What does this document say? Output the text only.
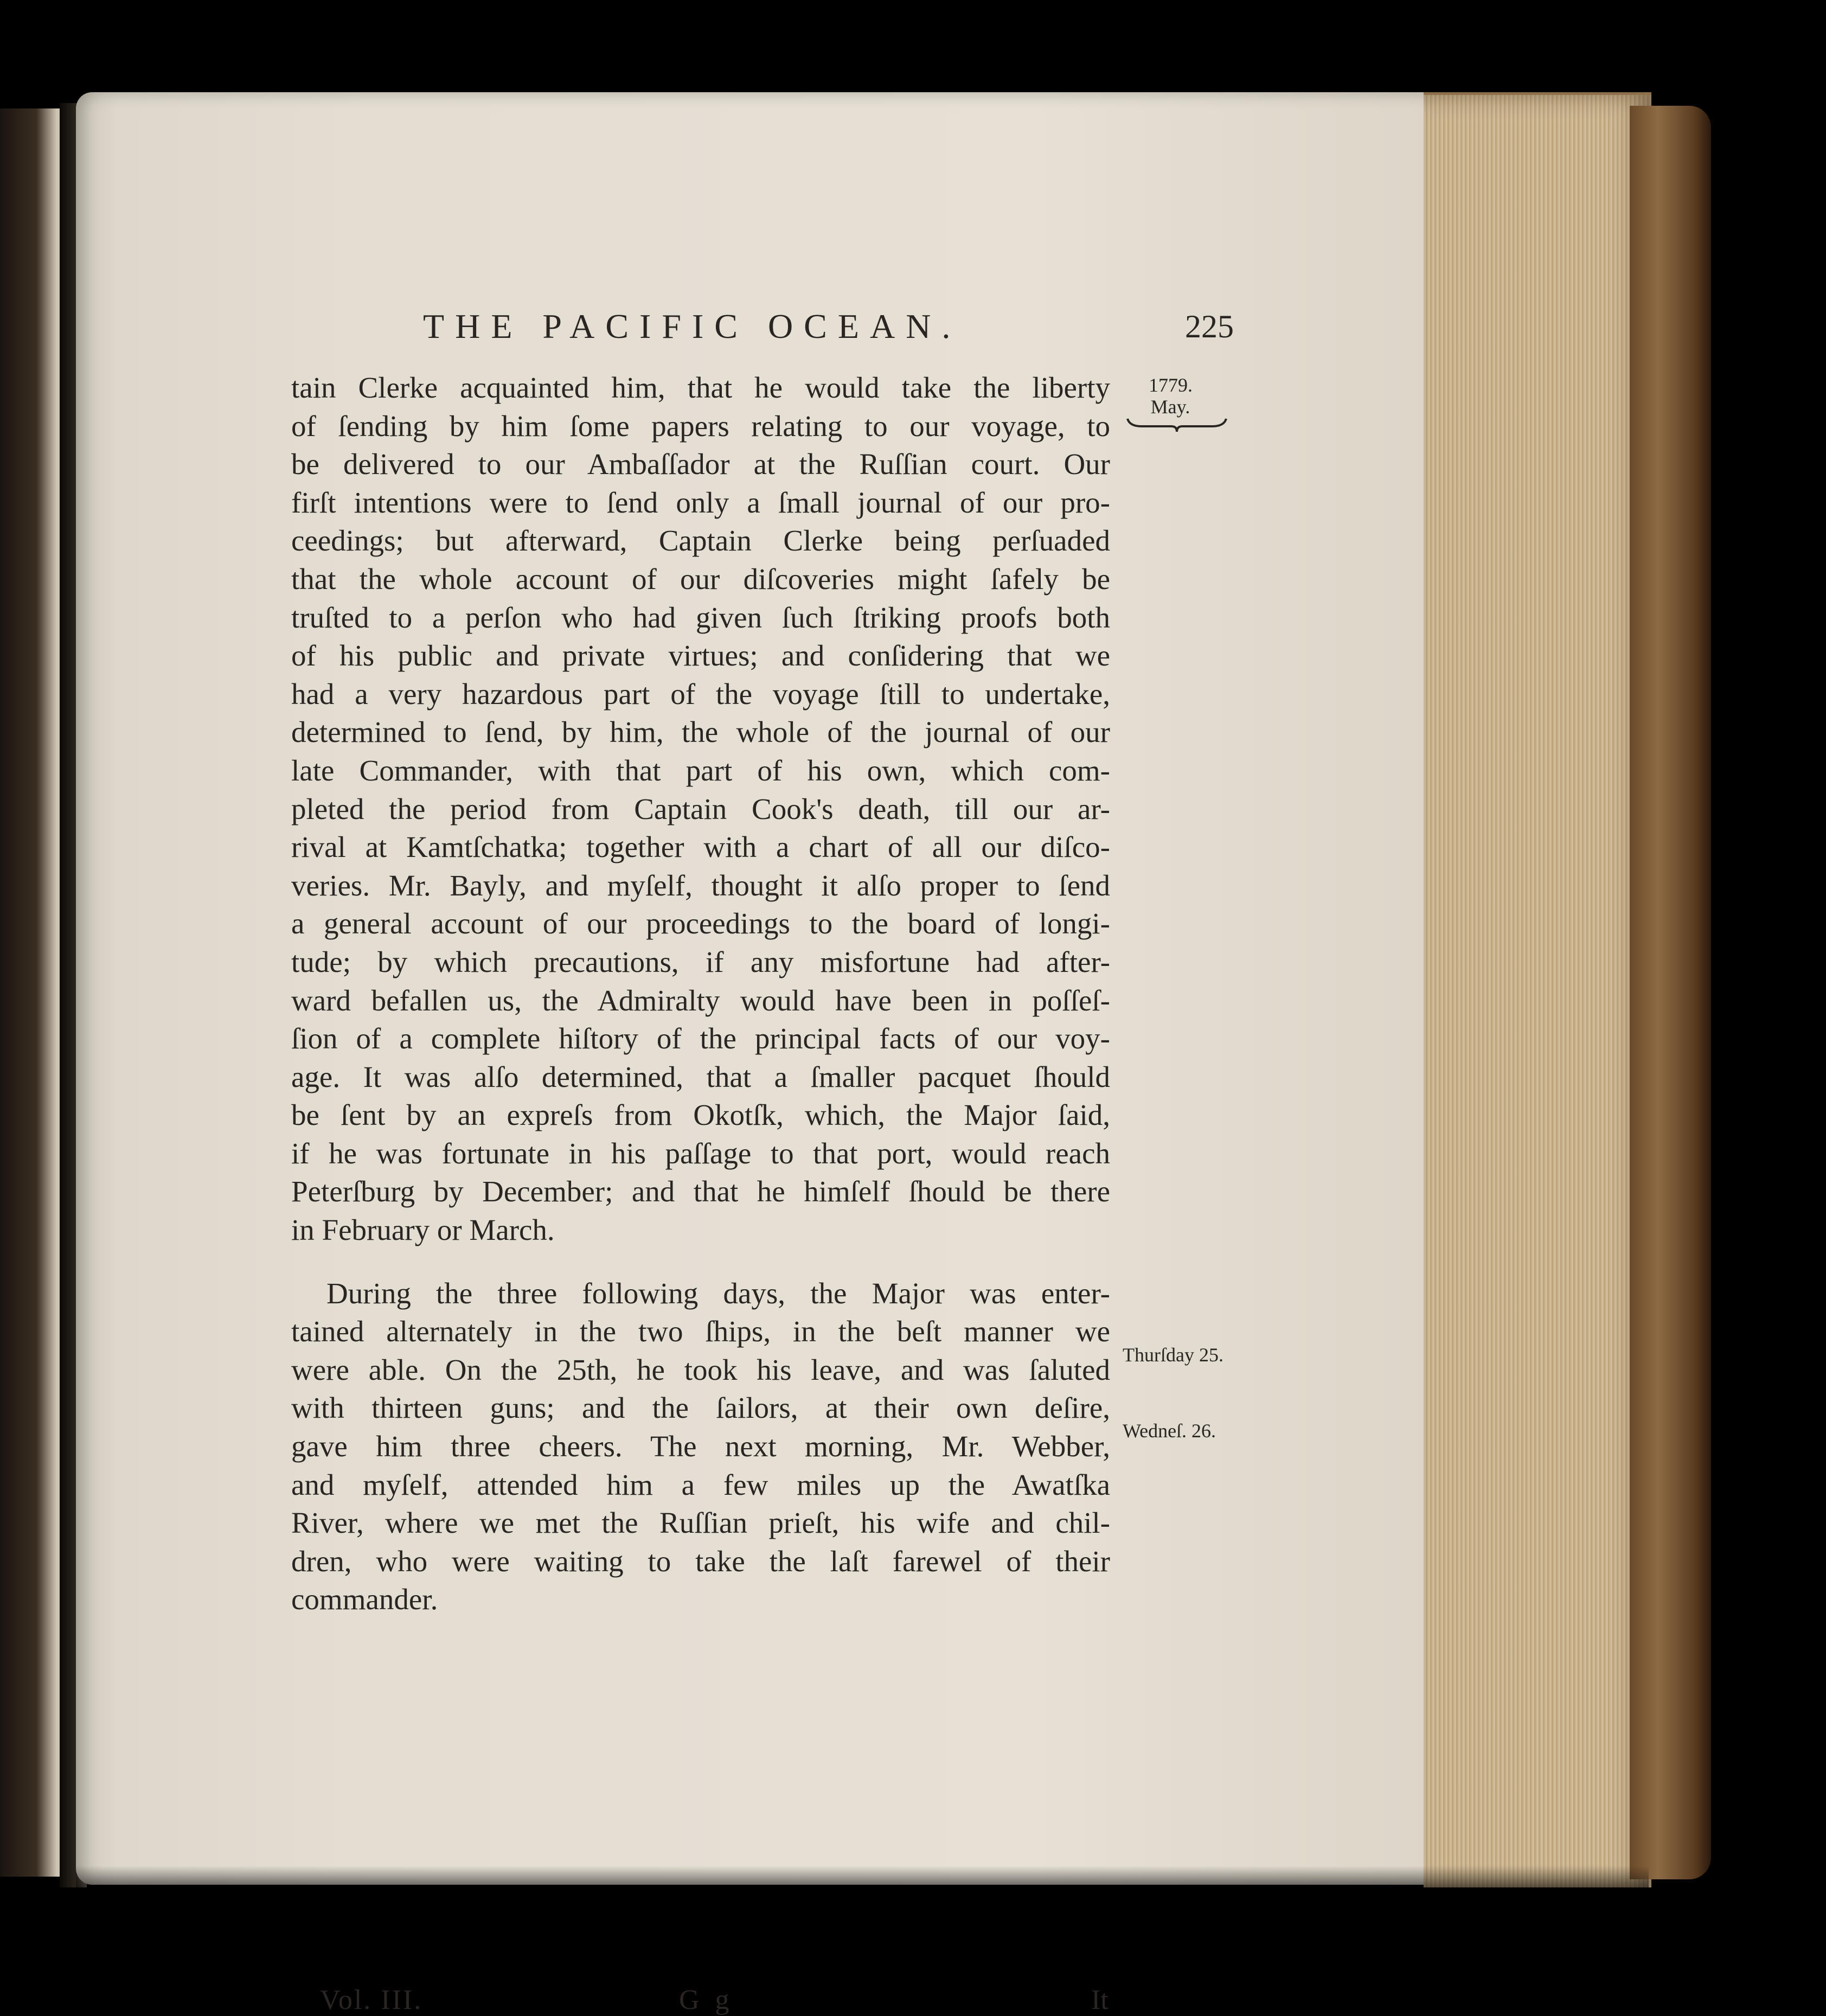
THE PACIFIC OCEAN.	225
1779.
May.
Thurſday 25.
Wedneſ. 26.
tain Clerke acquainted him, that he would take the liberty
of ſending by him ſome papers relating to our voyage, to
be delivered to our Ambaſſador at the Ruſſian court. Our
firſt intentions were to ſend only a ſmall journal of our pro-
ceedings; but afterward, Captain Clerke being perſuaded
that the whole account of our diſcoveries might ſafely be
truſted to a perſon who had given ſuch ſtriking proofs both
of his public and private virtues; and conſidering that we
had a very hazardous part of the voyage ſtill to undertake,
determined to ſend, by him, the whole of the journal of our
late Commander, with that part of his own, which com-
pleted the period from Captain Cook's death, till our ar-
rival at Kamtſchatka; together with a chart of all our diſco-
veries. Mr. Bayly, and myſelf, thought it alſo proper to ſend
a general account of our proceedings to the board of longi-
tude; by which precautions, if any misfortune had after-
ward befallen us, the Admiralty would have been in poſſeſ-
ſion of a complete hiſtory of the principal facts of our voy-
age. It was alſo determined, that a ſmaller pacquet ſhould
be ſent by an expreſs from Okotſk, which, the Major ſaid,
if he was fortunate in his paſſage to that port, would reach
Peterſburg by December; and that he himſelf ſhould be there
in February or March.
During the three following days, the Major was enter-
tained alternately in the two ſhips, in the beſt manner we
were able. On the 25th, he took his leave, and was ſaluted
with thirteen guns; and the ſailors, at their own deſire,
gave him three cheers. The next morning, Mr. Webber,
and myſelf, attended him a few miles up the Awatſka
River, where we met the Ruſſian prieſt, his wife and chil-
dren, who were waiting to take the laſt farewel of their
commander.
Vol. III.	G g	It
